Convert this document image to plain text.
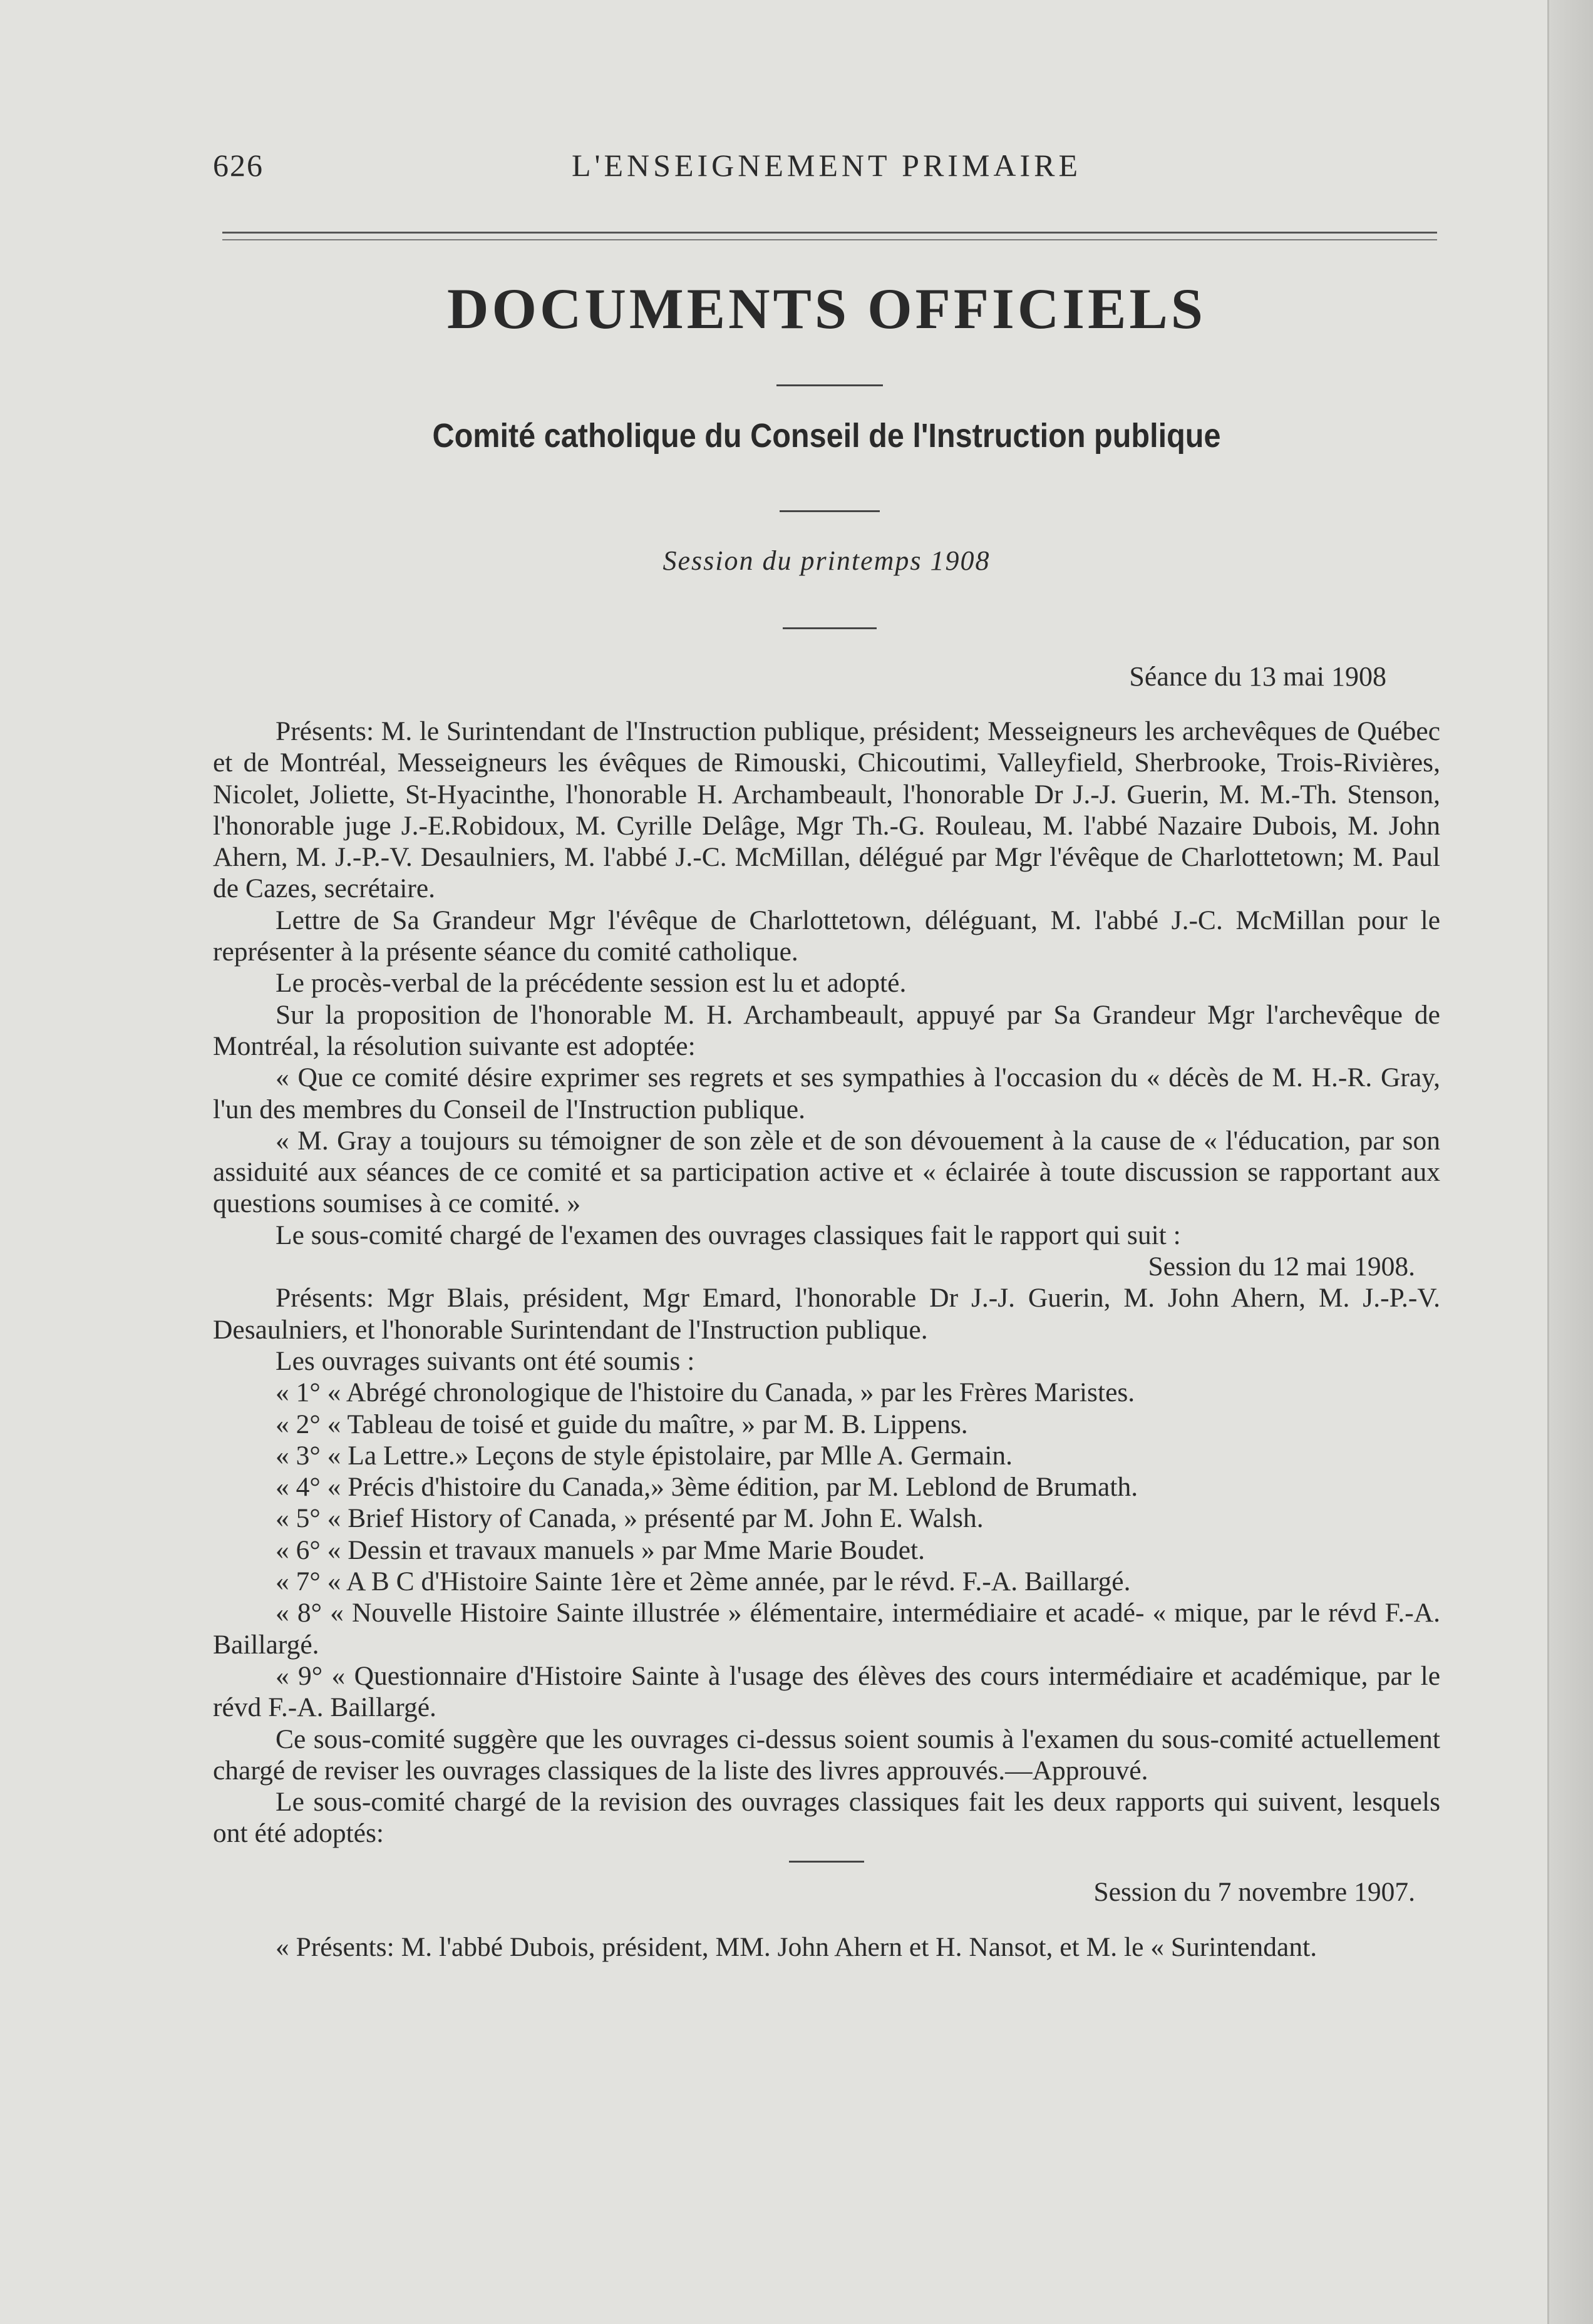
626	L'ENSEIGNEMENT PRIMAIRE
DOCUMENTS OFFICIELS
Comité catholique du Conseil de l'Instruction publique
Session du printemps 1908
Séance du 13 mai 1908

Présents: M. le Surintendant de l'Instruction publique, président; Messeigneurs les archevêques de Québec et de Montréal, Messeigneurs les évêques de Rimouski, Chicoutimi, Valleyfield, Sherbrooke, Trois-Rivières, Nicolet, Joliette, St-Hyacinthe, l'honorable H. Archambeault, l'honorable Dr J.-J. Guerin, M. M.-Th. Stenson, l'honorable juge J.-E.Robidoux, M. Cyrille Delâge, Mgr Th.-G. Rouleau, M. l'abbé Nazaire Dubois, M. John Ahern, M. J.-P.-V. Desaulniers, M. l'abbé J.-C. McMillan, délégué par Mgr l'évêque de Charlottetown; M. Paul de Cazes, secrétaire.

Lettre de Sa Grandeur Mgr l'évêque de Charlottetown, déléguant, M. l'abbé J.-C. McMillan pour le représenter à la présente séance du comité catholique.

Le procès-verbal de la précédente session est lu et adopté.

Sur la proposition de l'honorable M. H. Archambeault, appuyé par Sa Grandeur Mgr l'archevêque de Montréal, la résolution suivante est adoptée:

« Que ce comité désire exprimer ses regrets et ses sympathies à l'occasion du « décès de M. H.-R. Gray, l'un des membres du Conseil de l'Instruction publique.

« M. Gray a toujours su témoigner de son zèle et de son dévouement à la cause de « l'éducation, par son assiduité aux séances de ce comité et sa participation active et « éclairée à toute discussion se rapportant aux questions soumises à ce comité. »

Le sous-comité chargé de l'examen des ouvrages classiques fait le rapport qui suit :

Session du 12 mai 1908.

Présents: Mgr Blais, président, Mgr Emard, l'honorable Dr J.-J. Guerin, M. John Ahern, M. J.-P.-V. Desaulniers, et l'honorable Surintendant de l'Instruction publique.

Les ouvrages suivants ont été soumis :

« 1° « Abrégé chronologique de l'histoire du Canada, » par les Frères Maristes.

« 2° « Tableau de toisé et guide du maître, » par M. B. Lippens.

« 3° « La Lettre.» Leçons de style épistolaire, par Mlle A. Germain.

« 4° « Précis d'histoire du Canada,» 3ème édition, par M. Leblond de Brumath.

« 5° « Brief History of Canada, » présenté par M. John E. Walsh.

« 6° « Dessin et travaux manuels » par Mme Marie Boudet.

« 7° « A B C d'Histoire Sainte 1ère et 2ème année, par le révd. F.-A. Baillargé.

« 8° « Nouvelle Histoire Sainte illustrée » élémentaire, intermédiaire et acadé- « mique, par le révd F.-A. Baillargé.

« 9° « Questionnaire d'Histoire Sainte à l'usage des élèves des cours intermédiaire et académique, par le révd F.-A. Baillargé.

Ce sous-comité suggère que les ouvrages ci-dessus soient soumis à l'examen du sous-comité actuellement chargé de reviser les ouvrages classiques de la liste des livres approuvés.—Approuvé.

Le sous-comité chargé de la revision des ouvrages classiques fait les deux rapports qui suivent, lesquels ont été adoptés:

Session du 7 novembre 1907.

« Présents: M. l'abbé Dubois, président, MM. John Ahern et H. Nansot, et M. le « Surintendant.
